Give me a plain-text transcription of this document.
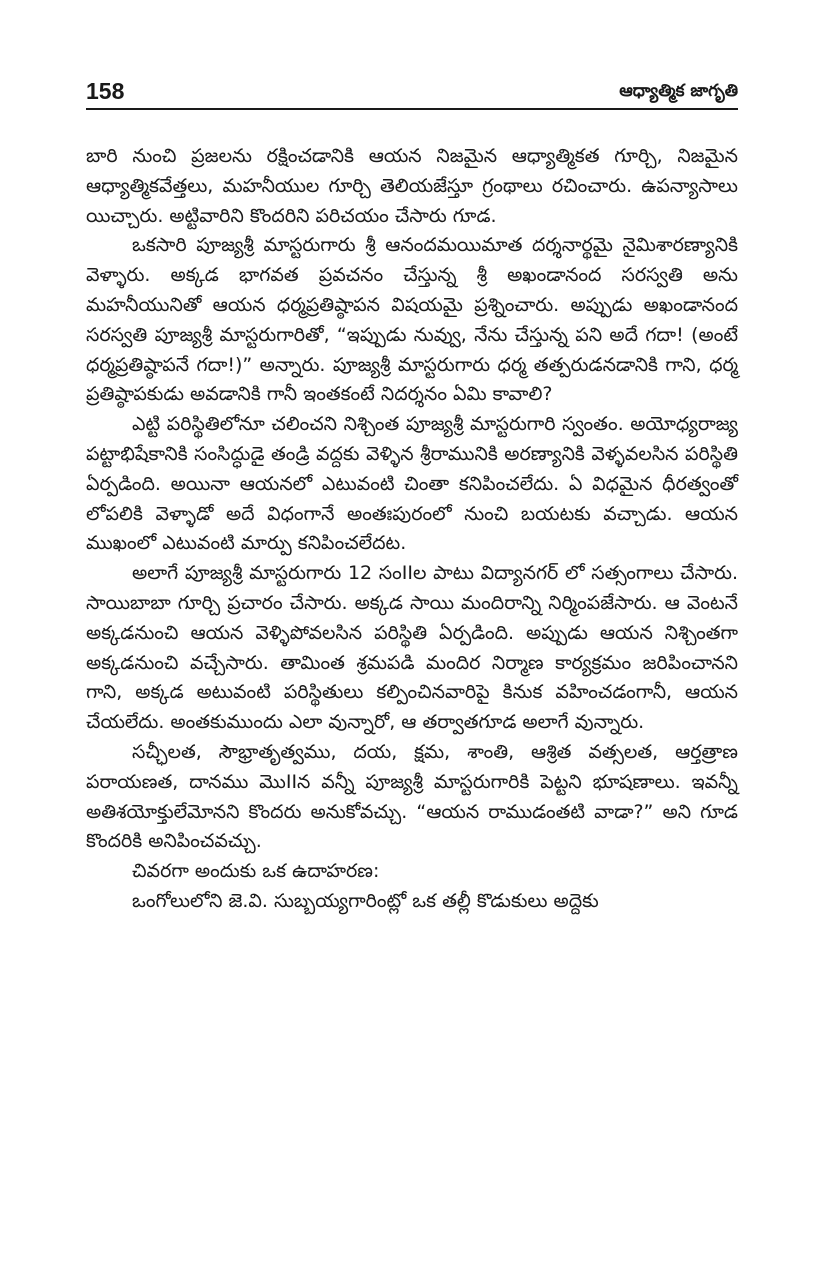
158	ఆధ్యాత్మిక జాగృతి

బారి నుంచి ప్రజలను రక్షించడానికి ఆయన నిజమైన ఆధ్యాత్మికత గూర్చి, నిజమైన ఆధ్యాత్మికవేత్తలు, మహనీయుల గూర్చి తెలియజేస్తూ గ్రంథాలు రచించారు. ఉపన్యాసాలు యిచ్చారు. అట్టివారిని కొందరిని పరిచయం చేసారు గూడ.

ఒకసారి పూజ్యశ్రీ మాస్టరుగారు శ్రీ ఆనందమయిమాత దర్శనార్థమై నైమిశారణ్యానికి వెళ్ళారు. అక్కడ భాగవత ప్రవచనం చేస్తున్న శ్రీ అఖండానంద సరస్వతి అను మహనీయునితో ఆయన ధర్మప్రతిష్ఠాపన విషయమై ప్రశ్నించారు. అప్పుడు అఖండానంద సరస్వతి పూజ్యశ్రీ మాస్టరుగారితో, “ఇప్పుడు నువ్వు, నేను చేస్తున్న పని అదే గదా! (అంటే ధర్మప్రతిష్ఠాపనే గదా!)” అన్నారు. పూజ్యశ్రీ మాస్టరుగారు ధర్మ తత్పరుడనడానికి గాని, ధర్మ ప్రతిష్ఠాపకుడు అవడానికి గానీ ఇంతకంటే నిదర్శనం ఏమి కావాలి?

ఎట్టి పరిస్థితిలోనూ చలించని నిశ్చింత పూజ్యశ్రీ మాస్టరుగారి స్వంతం. అయోధ్యరాజ్య పట్టాభిషేకానికి సంసిద్ధుడై తండ్రి వద్దకు వెళ్ళిన శ్రీరామునికి అరణ్యానికి వెళ్ళవలసిన పరిస్థితి ఏర్పడింది. అయినా ఆయనలో ఎటువంటి చింతా కనిపించలేదు. ఏ విధమైన ధీరత్వంతో లోపలికి వెళ్ళాడో అదే విధంగానే అంతఃపురంలో నుంచి బయటకు వచ్చాడు. ఆయన ముఖంలో ఎటువంటి మార్పు కనిపించలేదట.

అలాగే పూజ్యశ్రీ మాస్టరుగారు 12 సంIIల పాటు విద్యానగర్ లో సత్సంగాలు చేసారు. సాయిబాబా గూర్చి ప్రచారం చేసారు. అక్కడ సాయి మందిరాన్ని నిర్మింపజేసారు. ఆ వెంటనే అక్కడనుంచి ఆయన వెళ్ళిపోవలసిన పరిస్థితి ఏర్పడింది. అప్పుడు ఆయన నిశ్చింతగా అక్కడనుంచి వచ్చేసారు. తామింత శ్రమపడి మందిర నిర్మాణ కార్యక్రమం జరిపించానని గాని, అక్కడ అటువంటి పరిస్థితులు కల్పించినవారిపై కినుక వహించడంగానీ, ఆయన చేయలేదు. అంతకుముందు ఎలా వున్నారో, ఆ తర్వాతగూడ అలాగే వున్నారు.

సచ్ఛీలత, సౌభ్రాతృత్వము, దయ, క్షమ, శాంతి, ఆశ్రిత వత్సలత, ఆర్తత్రాణ పరాయణత, దానము మొIIన వన్నీ పూజ్యశ్రీ మాస్టరుగారికి పెట్టని భూషణాలు. ఇవన్నీ అతిశయోక్తులేమోనని కొందరు అనుకోవచ్చు. “ఆయన రాముడంతటి వాడా?” అని గూడ కొందరికి అనిపించవచ్చు.

చివరగా అందుకు ఒక ఉదాహరణ:

ఒంగోలులోని జె.వి. సుబ్బయ్యగారింట్లో ఒక తల్లీ కొడుకులు అద్దెకు
